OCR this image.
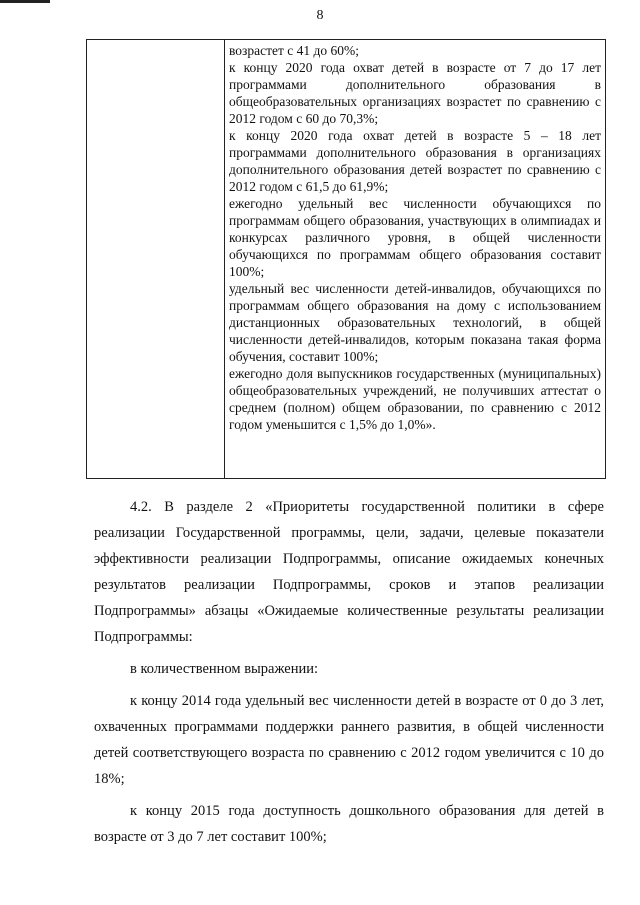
8

возрастет с 41 до 60%;

к концу 2020 года охват детей в возрасте от 7 до 17 лет программами дополнительного образования в общеобразовательных организациях возрастет по сравнению с 2012 годом с 60 до 70,3%;

к концу 2020 года охват детей в возрасте 5 – 18 лет программами дополнительного образования в организациях дополнительного образования детей возрастет по сравнению с 2012 годом с 61,5 до 61,9%;

ежегодно удельный вес численности обучающихся по программам общего образования, участвующих в олимпиадах и конкурсах различного уровня, в общей численности обучающихся по программам общего образования составит 100%;

удельный вес численности детей-инвалидов, обучающихся по программам общего образования на дому с использованием дистанционных образовательных технологий, в общей численности детей-инвалидов, которым показана такая форма обучения, составит 100%;

ежегодно доля выпускников государственных (муниципальных) общеобразовательных учреждений, не получивших аттестат о среднем (полном) общем образовании, по сравнению с 2012 годом уменьшится с 1,5% до 1,0%».

4.2. В разделе 2 «Приоритеты государственной политики в сфере реализации Государственной программы, цели, задачи, целевые показатели эффективности реализации Подпрограммы, описание ожидаемых конечных результатов реализации Подпрограммы, сроков и этапов реализации Подпрограммы» абзацы «Ожидаемые количественные результаты реализации Подпрограммы:

в количественном выражении:

к концу 2014 года удельный вес численности детей в возрасте от 0 до 3 лет, охваченных программами поддержки раннего развития, в общей численности детей соответствующего возраста по сравнению с 2012 годом увеличится с 10 до 18%;

к концу 2015 года доступность дошкольного образования для детей в возрасте от 3 до 7 лет составит 100%;
